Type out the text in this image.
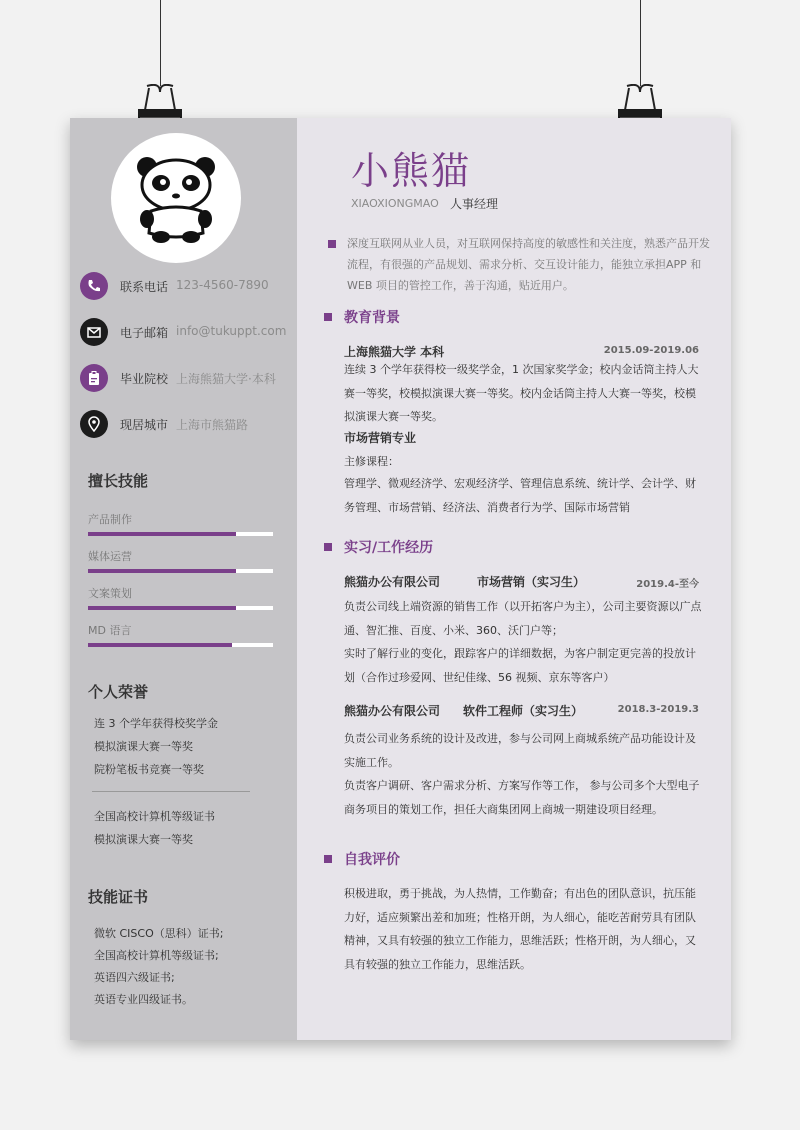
联系电话 123-4560-7890
电子邮箱 info@tukuppt.com
毕业院校 上海熊猫大学·本科
现居城市 上海市熊猫路
擅长技能
产品制作
媒体运营
文案策划
MD 语言
个人荣誉
连 3 个学年获得校奖学金
模拟演课大赛一等奖
院粉笔板书竞赛一等奖
全国高校计算机等级证书
模拟演课大赛一等奖
技能证书
微软 CISCO（思科）证书;
全国高校计算机等级证书;
英语四六级证书;
英语专业四级证书。
小熊猫
XIAOXIONGMAO 人事经理
深度互联网从业人员，对互联网保持高度的敏感性和关注度，熟悉产品开发流程，有很强的产品规划、需求分析、交互设计能力，能独立承担APP 和 WEB 项目的管控工作，善于沟通，贴近用户。
教育背景
上海熊猫大学 本科	2015.09-2019.06
连续 3 个学年获得校一级奖学金，1 次国家奖学金；校内金话筒主持人大赛一等奖，校模拟演课大赛一等奖。校内金话筒主持人大赛一等奖，校模拟演课大赛一等奖。
市场营销专业
主修课程：
管理学、微观经济学、宏观经济学、管理信息系统、统计学、会计学、财务管理、市场营销、经济法、消费者行为学、国际市场营销
实习/工作经历
熊猫办公有限公司	市场营销（实习生）	2019.4-至今
负责公司线上端资源的销售工作（以开拓客户为主），公司主要资源以广点通、智汇推、百度、小米、360、沃门户等；
实时了解行业的变化，跟踪客户的详细数据，为客户制定更完善的投放计划（合作过珍爱网、世纪佳缘、56 视频、京东等客户）
熊猫办公有限公司 软件工程师（实习生）	2018.3-2019.3
负责公司业务系统的设计及改进，参与公司网上商城系统产品功能设计及实施工作。
负责客户调研、客户需求分析、方案写作等工作， 参与公司多个大型电子商务项目的策划工作，担任大商集团网上商城一期建设项目经理。
自我评价
积极进取，勇于挑战，为人热情，工作勤奋；有出色的团队意识，抗压能力好，适应频繁出差和加班；性格开朗，为人细心，能吃苦耐劳具有团队精神，又具有较强的独立工作能力，思维活跃；性格开朗，为人细心，又具有较强的独立工作能力，思维活跃。
